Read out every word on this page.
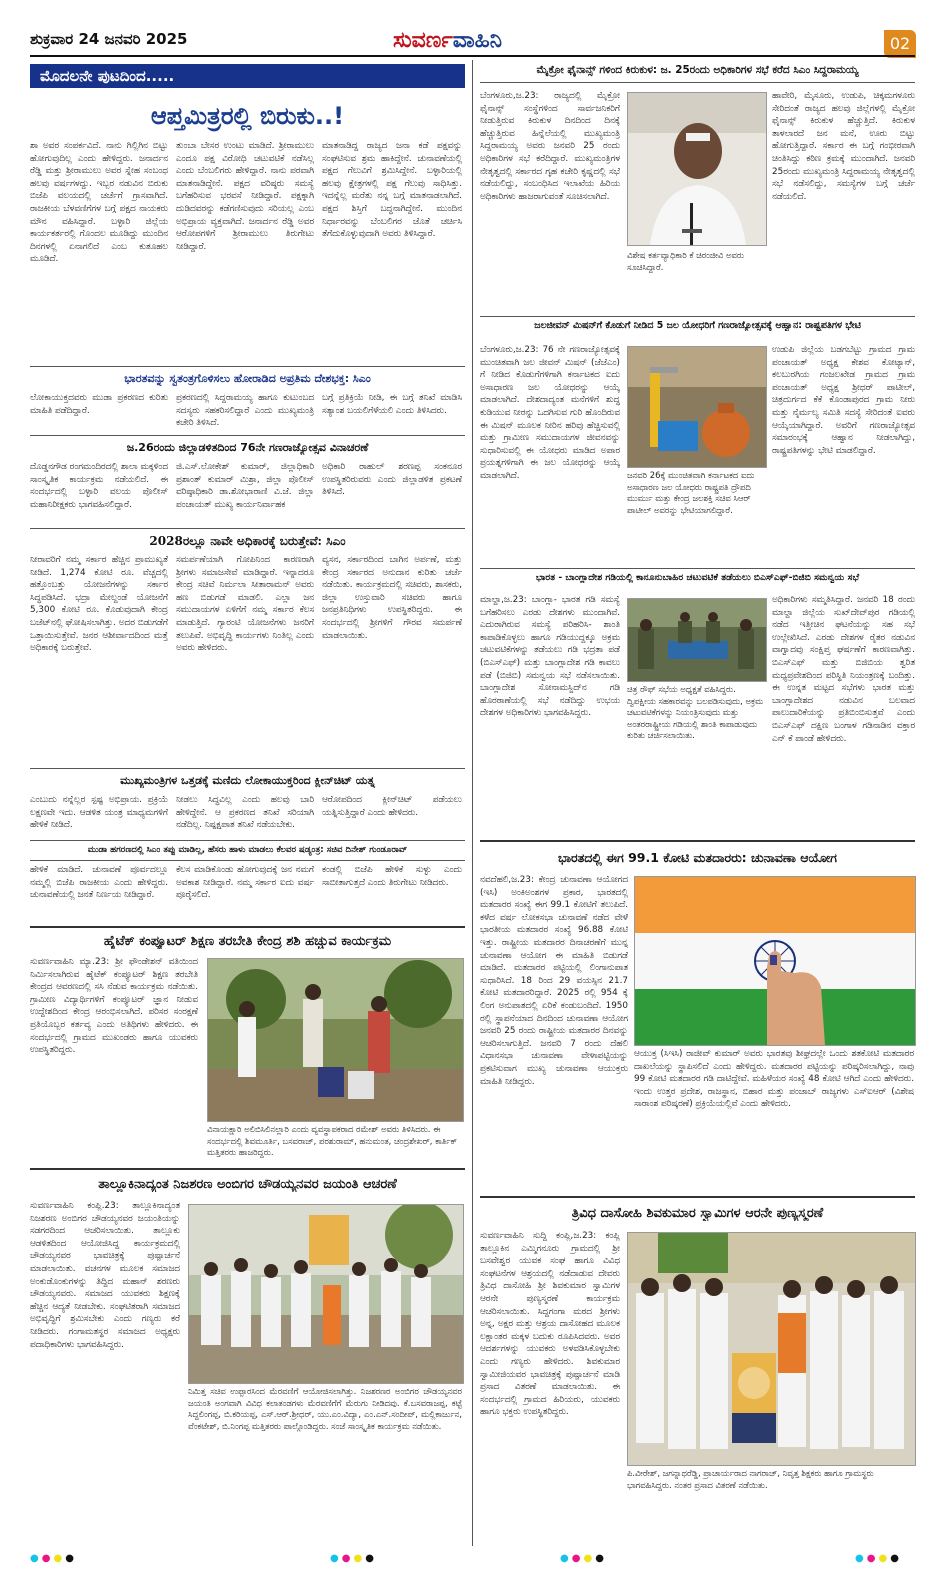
ಶುಕ್ರವಾರ 24 ಜನವರಿ 2025	ಸುವರ್ಣವಾಹಿನಿ	02
ಮೊದಲನೇ ಪುಟದಿಂದ.....
ಆಪ್ತಮಿತ್ರರಲ್ಲಿ ಬಿರುಕು..!
ಶಾ ಅವರ ಸಂಪರ್ಕವಿದೆ. ನಾನು ಗಿಲ್ಲಿಗಿನ ಬಿಟ್ಟು ಹೋಗುವುದಿಲ್ಲ ಎಂದು ಹೇಳಿದ್ದರು. ಜನಾರ್ದನ ರೆಡ್ಡಿ ಮತ್ತು ಶ್ರೀರಾಮುಲು ಅವರ ಸ್ನೇಹ ಸಂಬಂಧ ಹಲವು ವರ್ಷಗಳದ್ದು. ಇಬ್ಬರ ನಡುವಿನ ಬಿರುಕು ಬಿಜೆಪಿ ವಲಯದಲ್ಲಿ ಚರ್ಚೆಗೆ ಗ್ರಾಸವಾಗಿದೆ. ರಾಜಕೀಯ ಬೆಳವಣಿಗೆಗಳ ಬಗ್ಗೆ ಪಕ್ಷದ ನಾಯಕರು ಮೌನ ವಹಿಸಿದ್ದಾರೆ. ಬಳ್ಳಾರಿ ಜಿಲ್ಲೆಯ ಕಾರ್ಯಕರ್ತರಲ್ಲಿ ಗೊಂದಲ ಮೂಡಿದ್ದು ಮುಂದಿನ ದಿನಗಳಲ್ಲಿ ಏನಾಗಲಿದೆ ಎಂಬ ಕುತೂಹಲ ಮೂಡಿದೆ.
ತುಂಬಾ ಬೇಸರ ಉಂಟು ಮಾಡಿದೆ. ಶ್ರೀರಾಮುಲು ಎಂದೂ ಪಕ್ಷ ವಿರೋಧಿ ಚಟುವಟಿಕೆ ನಡೆಸಿಲ್ಲ ಎಂದು ಬೆಂಬಲಿಗರು ಹೇಳಿದ್ದಾರೆ. ನಾನು ಪರವಾಗಿ ಮಾತನಾಡಿದ್ದೇನೆ. ಪಕ್ಷದ ವರಿಷ್ಠರು ಸಮಸ್ಯೆ ಬಗೆಹರಿಸುವ ಭರವಸೆ ನೀಡಿದ್ದಾರೆ. ಪಕ್ಷಕ್ಕಾಗಿ ದುಡಿದವರನ್ನು ಕಡೆಗಣಿಸುವುದು ಸರಿಯಲ್ಲ ಎಂಬ ಅಭಿಪ್ರಾಯ ವ್ಯಕ್ತವಾಗಿದೆ. ಜನಾರ್ದನ ರೆಡ್ಡಿ ಅವರ ಆರೋಪಗಳಿಗೆ ಶ್ರೀರಾಮುಲು ತಿರುಗೇಟು ನೀಡಿದ್ದಾರೆ.
ಮಾತನಾಡಿದ್ದ ರಾಜ್ಯದ ಜನಾ ಕಡೆ ಪಕ್ಷವನ್ನು ಸಂಘಟಿಸುವ ಶ್ರಮ ಹಾಕಿದ್ದೇನೆ. ಚುನಾವಣೆಯಲ್ಲಿ ಪಕ್ಷದ ಗೆಲುವಿಗೆ ಶ್ರಮಿಸಿದ್ದೇನೆ. ಬಳ್ಳಾರಿಯಲ್ಲಿ ಹಲವು ಕ್ಷೇತ್ರಗಳಲ್ಲಿ ಪಕ್ಷ ಗೆಲುವು ಸಾಧಿಸಿತ್ತು. ಇದನ್ನೆಲ್ಲ ಮರೆತು ನನ್ನ ಬಗ್ಗೆ ಮಾತನಾಡಲಾಗಿದೆ. ಪಕ್ಷದ ಶಿಸ್ತಿಗೆ ಬದ್ಧನಾಗಿದ್ದೇನೆ. ಮುಂದಿನ ನಿರ್ಧಾರವನ್ನು ಬೆಂಬಲಿಗರ ಜೊತೆ ಚರ್ಚಿಸಿ ತೆಗೆದುಕೊಳ್ಳುವುದಾಗಿ ಅವರು ತಿಳಿಸಿದ್ದಾರೆ.
ಭಾರತವನ್ನು ಸ್ವತಂತ್ರಗೊಳಿಸಲು ಹೋರಾಡಿದ ಅಪ್ರತಿಮ ದೇಶಭಕ್ತ: ಸಿಎಂ
ಲೋಕಾಯುಕ್ತದವರು ಮುಡಾ ಪ್ರಕರಣದ ಕುರಿತು ಮಾಹಿತಿ ಪಡೆದಿದ್ದಾರೆ.
ಪ್ರಕರಣದಲ್ಲಿ ಸಿದ್ದರಾಮಯ್ಯ ಹಾಗೂ ಕುಟುಂಬದ ಸದಸ್ಯರು ಸಹಕರಿಸಲಿದ್ದಾರೆ ಎಂದು ಮುಖ್ಯಮಂತ್ರಿ ಕಚೇರಿ ತಿಳಿಸಿದೆ.
ಬಗ್ಗೆ ಪ್ರತಿಕ್ರಿಯೆ ನೀಡಿ, ಈ ಬಗ್ಗೆ ತನಿಖೆ ಮಾಡಿಸಿ ಸತ್ಯಾಂಶ ಬಯಲಿಗೆಳೆಯಲಿ ಎಂದು ತಿಳಿಸಿದರು.
ಜ.26ರಂದು ಜಿಲ್ಲಾಡಳಿತದಿಂದ 76ನೇ ಗಣರಾಜ್ಯೋತ್ಸವ ವಿನಾಚರಣೆ
ದೊಡ್ಡನಗೌಡ ರಂಗಮಂದಿರದಲ್ಲಿ ಶಾಲಾ ಮಕ್ಕಳಿಂದ ಸಾಂಸ್ಕೃತಿಕ ಕಾರ್ಯಕ್ರಮ ನಡೆಯಲಿದೆ. ಈ ಸಂದರ್ಭದಲ್ಲಿ ಬಳ್ಳಾರಿ ವಲಯ ಪೊಲೀಸ್ ಮಹಾನಿರೀಕ್ಷಕರು ಭಾಗವಹಿಸಲಿದ್ದಾರೆ.
ಜಿ.ಎಸ್.ಲೋಕೇಶ್ ಕುಮಾರ್, ಜಿಲ್ಲಾಧಿಕಾರಿ ಪ್ರಶಾಂತ್ ಕುಮಾರ್ ಮಿಶ್ರಾ, ಜಿಲ್ಲಾ ಪೊಲೀಸ್ ವರಿಷ್ಠಾಧಿಕಾರಿ ಡಾ.ಶೋಭಾರಾಣಿ ವಿ.ಜೆ. ಜಿಲ್ಲಾ ಪಂಚಾಯತ್ ಮುಖ್ಯ ಕಾರ್ಯನಿರ್ವಾಹಕ
ಅಧಿಕಾರಿ ರಾಹುಲ್ ಶರಣಪ್ಪ ಸಂಕನೂರ ಉಪಸ್ಥಿತರಿರುವರು ಎಂದು ಜಿಲ್ಲಾಡಳಿತ ಪ್ರಕಟಣೆ ತಿಳಿಸಿದೆ.
2028ರಲ್ಲೂ ನಾವೇ ಅಧಿಕಾರಕ್ಕೆ ಬರುತ್ತೇವೆ: ಸಿಎಂ
ನೀರಾವರಿಗೆ ನಮ್ಮ ಸರ್ಕಾರ ಹೆಚ್ಚಿನ ಪ್ರಾಮುಖ್ಯತೆ ನೀಡಿದೆ. 1,274 ಕೋಟಿ ರೂ. ವೆಚ್ಚದಲ್ಲಿ ಹತ್ತೊಂಬತ್ತು ಯೋಜನೆಗಳನ್ನು ಸರ್ಕಾರ ಸಿದ್ಧಪಡಿಸಿದೆ. ಭದ್ರಾ ಮೇಲ್ದಂಡೆ ಯೋಜನೆಗೆ 5,300 ಕೋಟಿ ರೂ. ಕೊಡುವುದಾಗಿ ಕೇಂದ್ರ ಬಜೆಟ್‌ನಲ್ಲಿ ಘೋಷಿಸಲಾಗಿತ್ತು. ಅದರ ಬಿಡುಗಡೆಗೆ ಒತ್ತಾಯಿಸುತ್ತೇವೆ. ಜನರ ಆಶೀರ್ವಾದದಿಂದ ಮತ್ತೆ ಅಧಿಕಾರಕ್ಕೆ ಬರುತ್ತೇವೆ.
ಸಮರ್ಪಣೆಯಾಗಿ ಗೋಪಿನಿಂದ ಕಾರಣರಾಗಿ ಶ್ರೀಗಳು ಸಮಾಜಸೇವೆ ಮಾಡಿದ್ದಾರೆ. ಇನ್ನಾದರೂ ಕೇಂದ್ರ ಸಚಿವೆ ನಿರ್ಮಲಾ ಸೀತಾರಾಮನ್ ಅವರು ಹಣ ಬಿಡುಗಡೆ ಮಾಡಲಿ. ಎಲ್ಲಾ ಜನ ಸಮುದಾಯಗಳ ಏಳಿಗೆಗೆ ನಮ್ಮ ಸರ್ಕಾರ ಕೆಲಸ ಮಾಡುತ್ತಿದೆ. ಗ್ಯಾರಂಟಿ ಯೋಜನೆಗಳು ಜನರಿಗೆ ತಲುಪಿವೆ. ಅಭಿವೃದ್ಧಿ ಕಾರ್ಯಗಳು ನಿಂತಿಲ್ಲ ಎಂದು ಅವರು ಹೇಳಿದರು.
ವ್ಯಸನ, ಸರ್ಕಾರದಿಂದ ಬಾಗಿನ ಅರ್ಪಣೆ, ಮತ್ತು ಕೇಂದ್ರ ಸರ್ಕಾರದ ಅನುದಾನ ಕುರಿತು ಚರ್ಚೆ ನಡೆಯಿತು. ಕಾರ್ಯಕ್ರಮದಲ್ಲಿ ಸಚಿವರು, ಶಾಸಕರು, ಜಿಲ್ಲಾ ಉಸ್ತುವಾರಿ ಸಚಿವರು ಹಾಗೂ ಜನಪ್ರತಿನಿಧಿಗಳು ಉಪಸ್ಥಿತರಿದ್ದರು. ಈ ಸಂದರ್ಭದಲ್ಲಿ ಶ್ರೀಗಳಿಗೆ ಗೌರವ ಸಮರ್ಪಣೆ ಮಾಡಲಾಯಿತು.
ಮುಖ್ಯಮಂತ್ರಿಗಳ ಒತ್ತಡಕ್ಕೆ ಮಣಿದು ಲೋಕಾಯುಕ್ತರಿಂದ ಕ್ಲೀನ್‌ಚಿಟ್ ಯತ್ನ
ಎಂಬುದು ನನ್ನೆಲ್ಲರ ಸ್ಪಷ್ಟ ಅಭಿಪ್ರಾಯ. ಪ್ರಕ್ರಿಯೆ ಲಕ್ಷಣವೇ ಇದು. ಆಡಳಿತ ಯಂತ್ರ ಮಾಧ್ಯಮಗಳಿಗೆ ಹೇಳಿಕೆ ನೀಡಿದೆ.
ನೀಡಲು ಸಿದ್ಧವಿಲ್ಲ ಎಂದು ಹಲವು ಬಾರಿ ಹೇಳಿದ್ದೇನೆ. ಆ ಪ್ರಕರಣದ ತನಿಖೆ ಸರಿಯಾಗಿ ನಡೆದಿಲ್ಲ. ನಿಷ್ಪಕ್ಷಪಾತ ತನಿಖೆ ನಡೆಯಬೇಕು.
ಆರೋಪದಿಂದ ಕ್ಲೀನ್‌ಚಿಟ್ ಪಡೆಯಲು ಯತ್ನಿಸುತ್ತಿದ್ದಾರೆ ಎಂದು ಹೇಳಿದರು.
ಮುಡಾ ಹಗರಣದಲ್ಲಿ ಸಿಎಂ ತಪ್ಪು ಮಾಡಿಲ್ಲ, ಹೆಸರು ಹಾಳು ಮಾಡಲು ಕೆಲವರ ಷಡ್ಯಂತ್ರ: ಸಚಿವ ದಿನೇಶ್ ಗುಂಡೂರಾವ್
ಹೇಳಿಕೆ ಮಾಡಿದೆ. ಚುನಾವಣೆ ಪೂರ್ವದಲ್ಲೂ ನಮ್ಮಲ್ಲಿ ಬಿಜೆಪಿ ರಾಜಕೀಯ ಎಂದು ಹೇಳಿದ್ದರು. ಚುನಾವಣೆಯಲ್ಲಿ ಜನತೆ ನಿರ್ಣಯ ನೀಡಿದ್ದಾರೆ.
ಕೆಲಸ ಮಾಡಿಕೊಂಡು ಹೋಗುವುದಕ್ಕೆ ಜನ ನಮಗೆ ಅವಕಾಶ ನೀಡಿದ್ದಾರೆ. ನಮ್ಮ ಸರ್ಕಾರ ಐದು ವರ್ಷ ಪೂರೈಸಲಿದೆ.
ಕಂಡಲ್ಲಿ ಬಿಜೆಪಿ ಹೇಳಿಕೆ ಸುಳ್ಳು ಎಂದು ಸಾಬೀತಾಗುತ್ತದೆ ಎಂದು ತಿರುಗೇಟು ನೀಡಿದರು.
ಹೈಟೆಕ್ ಕಂಪ್ಯೂಟರ್ ಶಿಕ್ಷಣ ತರಬೇತಿ ಕೇಂದ್ರ ಶಶಿ ಹಚ್ಚುವ ಕಾರ್ಯಕ್ರಮ
ಸುವರ್ಣವಾಹಿನಿ ಮ್ಯಾ.23: ಶ್ರೀ ಫೌಂಡೇಶನ್ ವತಿಯಿಂದ ನಿರ್ಮಿಸಲಾಗಿರುವ ಹೈಟೆಕ್ ಕಂಪ್ಯೂಟರ್ ಶಿಕ್ಷಣ ತರಬೇತಿ ಕೇಂದ್ರದ ಆವರಣದಲ್ಲಿ ಸಸಿ ನೆಡುವ ಕಾರ್ಯಕ್ರಮ ನಡೆಯಿತು. ಗ್ರಾಮೀಣ ವಿದ್ಯಾರ್ಥಿಗಳಿಗೆ ಕಂಪ್ಯೂಟರ್ ಜ್ಞಾನ ನೀಡುವ ಉದ್ದೇಶದಿಂದ ಕೇಂದ್ರ ಆರಂಭಿಸಲಾಗಿದೆ. ಪರಿಸರ ಸಂರಕ್ಷಣೆ ಪ್ರತಿಯೊಬ್ಬರ ಕರ್ತವ್ಯ ಎಂದು ಅತಿಥಿಗಳು ಹೇಳಿದರು. ಈ ಸಂದರ್ಭದಲ್ಲಿ ಗ್ರಾಮದ ಮುಖಂಡರು ಹಾಗೂ ಯುವಕರು ಉಪಸ್ಥಿತರಿದ್ದರು.
ವಿನಾಯಕ್ಷಾರಿ ಅಲಿಬಿಸಿಲಿನಲ್ಲಾರಿ ಎಂದು ವ್ಯವಸ್ಥಾಪಕರಾದ ರಮೇಶ್ ಅವರು ತಿಳಿಸಿದರು. ಈ ಸಂದರ್ಭದಲ್ಲಿ ಶಿವಮೂರ್ತಿ, ಬಸವರಾಜ್, ಪರಶುರಾಮ್, ಹನುಮಂತ, ಚಂದ್ರಶೇಖರ್, ಕಾರ್ತಿಕ್ ಮತ್ತಿತರರು ಹಾಜರಿದ್ದರು.
ತಾಲ್ಲೂಕಿನಾದ್ಯಂತ ನಿಜಶರಣ ಅಂಬಿಗರ ಚೌಡಯ್ಯನವರ ಜಯಂತಿ ಆಚರಣೆ
ಸುವರ್ಣವಾಹಿನಿ ಕಂಪ್ಲಿ.23: ತಾಲ್ಲೂಕಿನಾದ್ಯಂತ ನಿಜಶರಣ ಅಂಬಿಗರ ಚೌಡಯ್ಯನವರ ಜಯಂತಿಯನ್ನು ಸಡಗರದಿಂದ ಆಚರಿಸಲಾಯಿತು. ತಾಲ್ಲೂಕು ಆಡಳಿತದಿಂದ ಆಯೋಜಿಸಿದ್ದ ಕಾರ್ಯಕ್ರಮದಲ್ಲಿ ಚೌಡಯ್ಯನವರ ಭಾವಚಿತ್ರಕ್ಕೆ ಪುಷ್ಪಾರ್ಚನೆ ಮಾಡಲಾಯಿತು. ವಚನಗಳ ಮೂಲಕ ಸಮಾಜದ ಅಂಕುಡೊಂಕುಗಳನ್ನು ತಿದ್ದಿದ ಮಹಾನ್ ಶರಣರು ಚೌಡಯ್ಯನವರು. ಸಮಾಜದ ಯುವಕರು ಶಿಕ್ಷಣಕ್ಕೆ ಹೆಚ್ಚಿನ ಆದ್ಯತೆ ನೀಡಬೇಕು. ಸಂಘಟಿತರಾಗಿ ಸಮಾಜದ ಅಭಿವೃದ್ಧಿಗೆ ಶ್ರಮಿಸಬೇಕು ಎಂದು ಗಣ್ಯರು ಕರೆ ನೀಡಿದರು. ಗಂಗಾಮತಸ್ಥರ ಸಮಾಜದ ಅಧ್ಯಕ್ಷರು ಪದಾಧಿಕಾರಿಗಳು ಭಾಗವಹಿಸಿದ್ದರು.
ನಿಮಿತ್ತ ಸಚಿವ ಉಪ್ಪಾರಸಿಂದ ಮೆರವಣಿಗೆ ಆಯೋಜಿಸಲಾಗಿತ್ತು. ನಿಜಶರಣರ ಅಂಬಿಗರ ಚೌಡಯ್ಯನವರ ಜಯಂತಿ ಅಂಗವಾಗಿ ವಿವಿಧ ಕಲಾತಂಡಗಳು ಮೆರವಣಿಗೆಗೆ ಮೆರುಗು ನೀಡಿದವು. ಕೆ.ಬಸವರಾಜಪ್ಪ, ಕಟ್ಟೆ ಸಿದ್ದಲಿಂಗಪ್ಪ, ಬಿ.ಕರಿಯಪ್ಪ, ಎಸ್.ಆರ್.ಶ್ರೀಧರ್, ಯು.ಎಂ.ವಿದ್ಯಾ, ಎಂ.ಎನ್.ಸಂದೀಪ್, ಮಲ್ಲಿಕಾರ್ಜುನ, ವೆಂಕಟೇಶ್, ಬಿ.ನಿಂಗಪ್ಪ ಮತ್ತಿತರರು ಪಾಲ್ಗೊಂಡಿದ್ದರು. ಸಂಜೆ ಸಾಂಸ್ಕೃತಿಕ ಕಾರ್ಯಕ್ರಮ ನಡೆಯಿತು.
ಮೈಕ್ರೋ ಫೈನಾನ್ಸ್ ಗಳಿಂದ ಕಿರುಕುಳ: ಜ. 25ರಂದು ಅಧಿಕಾರಿಗಳ ಸಭೆ ಕರೆದ ಸಿಎಂ ಸಿದ್ದರಾಮಯ್ಯ
ಬೆಂಗಳೂರು,ಜ.23: ರಾಜ್ಯದಲ್ಲಿ ಮೈಕ್ರೋ ಫೈನಾನ್ಸ್ ಸಂಸ್ಥೆಗಳಿಂದ ಸಾರ್ವಜನಿಕರಿಗೆ ನೀಡುತ್ತಿರುವ ಕಿರುಕುಳ ದಿನದಿಂದ ದಿನಕ್ಕೆ ಹೆಚ್ಚುತ್ತಿರುವ ಹಿನ್ನೆಲೆಯಲ್ಲಿ ಮುಖ್ಯಮಂತ್ರಿ ಸಿದ್ದರಾಮಯ್ಯ ಅವರು ಜನವರಿ 25 ರಂದು ಅಧಿಕಾರಿಗಳ ಸಭೆ ಕರೆದಿದ್ದಾರೆ. ಮುಖ್ಯಮಂತ್ರಿಗಳ ನೇತೃತ್ವದಲ್ಲಿ ಸರ್ಕಾರದ ಗೃಹ ಕಚೇರಿ ಕೃಷ್ಣದಲ್ಲಿ ಸಭೆ ನಡೆಯಲಿದ್ದು, ಸಂಬಂಧಿಸಿದ ಇಲಾಖೆಯ ಹಿರಿಯ ಅಧಿಕಾರಿಗಳು ಹಾಜರಾಗುವಂತೆ ಸೂಚಿಸಲಾಗಿದೆ.
ವಿಶೇಷ ಕರ್ತವ್ಯಾಧಿಕಾರಿ ಕೆ ಚಿರಂಜೀವಿ ಅವರು ಸೂಚಿಸಿದ್ದಾರೆ.
ಹಾವೇರಿ, ಮೈಸೂರು, ಉಡುಪಿ, ಚಿಕ್ಕಮಗಳೂರು ಸೇರಿದಂತೆ ರಾಜ್ಯದ ಹಲವು ಜಿಲ್ಲೆಗಳಲ್ಲಿ ಮೈಕ್ರೋ ಫೈನಾನ್ಸ್ ಕಿರುಕುಳ ಹೆಚ್ಚುತ್ತಿದೆ. ಕಿರುಕುಳ ತಾಳಲಾರದೆ ಜನ ಮನೆ, ಊರು ಬಿಟ್ಟು ಹೋಗುತ್ತಿದ್ದಾರೆ. ಸರ್ಕಾರ ಈ ಬಗ್ಗೆ ಗಂಭೀರವಾಗಿ ಚಿಂತಿಸಿದ್ದು ಕಠಿಣ ಕ್ರಮಕ್ಕೆ ಮುಂದಾಗಿದೆ. ಜನವರಿ 25ರಂದು ಮುಖ್ಯಮಂತ್ರಿ ಸಿದ್ದರಾಮಯ್ಯ ನೇತೃತ್ವದಲ್ಲಿ ಸಭೆ ನಡೆಸಲಿದ್ದು, ಸಮಸ್ಯೆಗಳ ಬಗ್ಗೆ ಚರ್ಚೆ ನಡೆಯಲಿದೆ.
ಜಲಜೀವನ್ ಮಿಷನ್‌ಗೆ ಕೊಡುಗೆ ನೀಡಿದ 5 ಜಲ ಯೋಧರಿಗೆ ಗಣರಾಜ್ಯೋತ್ಸವಕ್ಕೆ ಆಹ್ವಾನ: ರಾಷ್ಟ್ರಪತಿಗಳ ಭೇಟಿ
ಬೆಂಗಳೂರು,ಜ.23: 76 ನೇ ಗಣರಾಜ್ಯೋತ್ಸವಕ್ಕೆ ಮುಂಚಿತವಾಗಿ ಜಲ ಜೀವನ್ ಮಿಷನ್ (ಜೆಜೆಎಂ) ಗೆ ನೀಡಿದ ಕೊಡುಗೆಗಳಿಗಾಗಿ ಕರ್ನಾಟಕದ ಐದು ಅಸಾಧಾರಣ ಜಲ ಯೋಧರನ್ನು ಆಯ್ಕೆ ಮಾಡಲಾಗಿದೆ. ದೇಶದಾದ್ಯಂತ ಮನೆಗಳಿಗೆ ಶುದ್ಧ ಕುಡಿಯುವ ನೀರನ್ನು ಒದಗಿಸುವ ಗುರಿ ಹೊಂದಿರುವ ಈ ಮಿಷನ್ ಮೂಲಕ ನೀರಿನ ಹರಿವು ಹೆಚ್ಚಿಸುವಲ್ಲಿ ಮತ್ತು ಗ್ರಾಮೀಣ ಸಮುದಾಯಗಳ ಜೀವನವನ್ನು ಸುಧಾರಿಸುವಲ್ಲಿ ಈ ಯೋಧರು ಮಾಡಿದ ಅಪಾರ ಪ್ರಯತ್ನಗಳಿಗಾಗಿ ಈ ಜಲ ಯೋಧರನ್ನು ಆಯ್ಕೆ ಮಾಡಲಾಗಿದೆ.	ಜನವರಿ 26ಕ್ಕೆ ಮುಂಚಿತವಾಗಿ ಕರ್ನಾಟಕದ ಐದು ಅಸಾಧಾರಣ ಜಲ ಯೋಧರು ರಾಷ್ಟ್ರಪತಿ ದ್ರೌಪದಿ ಮುರ್ಮು ಮತ್ತು ಕೇಂದ್ರ ಜಲಶಕ್ತಿ ಸಚಿವ ಸಿಆರ್ ಪಾಟೀಲ್ ಅವರನ್ನು ಭೇಟಿಯಾಗಲಿದ್ದಾರೆ.
ಉಡುಪಿ ಜಿಲ್ಲೆಯ ಬಡಗಬೆಟ್ಟು ಗ್ರಾಮದ ಗ್ರಾಮ ಪಂಚಾಯತ್ ಅಧ್ಯಕ್ಷ ಕೇಶವ ಕೋಟ್ಯಾನ್, ಕಲಬುರಗಿಯ ಗಂಜಲಖೇಡ ಗ್ರಾಮದ ಗ್ರಾಮ ಪಂಚಾಯತ್ ಅಧ್ಯಕ್ಷ ಶ್ರೀಧರ್ ಪಾಟೀಲ್, ಚಿತ್ರದುರ್ಗದ ಕೆಕೆ ಕೊಂಡಾಪುರದ ಗ್ರಾಮ ನೀರು ಮತ್ತು ನೈರ್ಮಲ್ಯ ಸಮಿತಿ ಸದಸ್ಯೆ ಸೇರಿದಂತೆ ಐವರು ಆಯ್ಕೆಯಾಗಿದ್ದಾರೆ. ಅವರಿಗೆ ಗಣರಾಜ್ಯೋತ್ಸವ ಸಮಾರಂಭಕ್ಕೆ ಆಹ್ವಾನ ನೀಡಲಾಗಿದ್ದು, ರಾಷ್ಟ್ರಪತಿಗಳನ್ನು ಭೇಟಿ ಮಾಡಲಿದ್ದಾರೆ.
ಭಾರತ - ಬಾಂಗ್ಲಾದೇಶ ಗಡಿಯಲ್ಲಿ ಕಾನೂನುಬಾಹಿರ ಚಟುವಟಿಕೆ ತಡೆಯಲು ಬಿಎಸ್‌ಎಫ್-ಬಿಜಿಬಿ ಸಮನ್ವಯ ಸಭೆ
ಮಾಲ್ದಾ,ಜ.23: ಬಾಂಗ್ಲಾ- ಭಾರತ ಗಡಿ ಸಮಸ್ಯೆ ಬಗೆಹರಿಸಲು ಎರಡು ದೇಶಗಳು ಮುಂದಾಗಿವೆ. ಎದುರಾಗಿರುವ ಸಮಸ್ಯೆ ಪರಿಹರಿಸಿ- ಶಾಂತಿ ಕಾಪಾಡಿಕೊಳ್ಳಲು ಹಾಗೂ ಗಡಿಯುದ್ದಕ್ಕೂ ಅಕ್ರಮ ಚಟುವಟಿಕೆಗಳನ್ನು ತಡೆಯಲು ಗಡಿ ಭದ್ರತಾ ಪಡೆ (ಬಿಎಸ್‌ಎಫ್) ಮತ್ತು ಬಾಂಗ್ಲಾದೇಶ ಗಡಿ ಕಾವಲು ಪಡೆ (ಬಿಜಿಬಿ) ಸಮನ್ವಯ ಸಭೆ ನಡೆಸಲಾಯಿತು. ಬಾಂಗ್ಲಾದೇಶ ಸೋನಾಮಸ್ಜಿದ್‌ನ ಗಡಿ ಹೊರಠಾಣೆಯಲ್ಲಿ ಸಭೆ ನಡೆದಿದ್ದು ಉಭಯ ದೇಶಗಳ ಅಧಿಕಾರಿಗಳು ಭಾಗವಹಿಸಿದ್ದರು.
ಚಿತ್ರ ರೌಫ್ ಸಭೆಯ ಅಧ್ಯಕ್ಷತೆ ವಹಿಸಿದ್ದರು. ದ್ವಿಪಕ್ಷೀಯ ಸಹಕಾರವನ್ನು ಬಲಪಡಿಸುವುದು, ಅಕ್ರಮ ಚಟುವಟಿಕೆಗಳನ್ನು ನಿಯಂತ್ರಿಸುವುದು ಮತ್ತು ಅಂತರರಾಷ್ಟ್ರೀಯ ಗಡಿಯಲ್ಲಿ ಶಾಂತಿ ಕಾಪಾಡುವುದು ಕುರಿತು ಚರ್ಚಿಸಲಾಯಿತು.
ಅಧಿಕಾರಿಗಳು ಸಮ್ಮತಿಸಿದ್ದಾರೆ. ಜನವರಿ 18 ರಂದು ಮಾಲ್ದಾ ಜಿಲ್ಲೆಯ ಸುಖ್‌ದೇವ್‌ಪುರ ಗಡಿಯಲ್ಲಿ ನಡೆದ ಇತ್ತೀಚಿನ ಘಟನೆಯನ್ನು ಸಹ ಸಭೆ ಉಲ್ಲೇಖಿಸಿದೆ. ಎರಡು ದೇಶಗಳ ರೈತರ ನಡುವಿನ ವಾಗ್ವಾದವು ಸಂಕ್ಷಿಪ್ತ ಘರ್ಷಣೆಗೆ ಕಾರಣವಾಗಿತ್ತು. ಬಿಎಸ್‌ಎಫ್ ಮತ್ತು ಬಿಜಿಬಿಯ ತ್ವರಿತ ಮಧ್ಯಪ್ರವೇಶದಿಂದ ಪರಿಸ್ಥಿತಿ ನಿಯಂತ್ರಣಕ್ಕೆ ಬಂದಿತ್ತು. ಈ ಉನ್ನತ ಮಟ್ಟದ ಸಭೆಗಳು ಭಾರತ ಮತ್ತು ಬಾಂಗ್ಲಾದೇಶದ ನಡುವಿನ ಬಲವಾದ ಪಾಲುದಾರಿಕೆಯನ್ನು ಪ್ರತಿಬಿಂಬಿಸುತ್ತವೆ ಎಂದು ಬಿಎಸ್‌ಎಫ್ ದಕ್ಷಿಣ ಬಂಗಾಳ ಗಡಿನಾಡಿನ ವಕ್ತಾರ ಎನ್ ಕೆ ಪಾಂಡೆ ಹೇಳಿದರು.
ಭಾರತದಲ್ಲಿ ಈಗ 99.1 ಕೋಟಿ ಮತದಾರರು: ಚುನಾವಣಾ ಆಯೋಗ
ನವದೆಹಲಿ,ಜ.23: ಕೇಂದ್ರ ಚುನಾವಣಾ ಆಯೋಗದ (ಇಸಿ) ಅಂಕಿಅಂಶಗಳ ಪ್ರಕಾರ, ಭಾರತದಲ್ಲಿ ಮತದಾರರ ಸಂಖ್ಯೆ ಈಗ 99.1 ಕೋಟಿಗೆ ತಲುಪಿದೆ. ಕಳೆದ ವರ್ಷ ಲೋಕಸಭಾ ಚುನಾವಣೆ ನಡೆದ ವೇಳೆ ಭಾರತೀಯ ಮತದಾರರ ಸಂಖ್ಯೆ 96.88 ಕೋಟಿ ಇತ್ತು. ರಾಷ್ಟ್ರೀಯ ಮತದಾರರ ದಿನಾಚರಣೆಗೆ ಮುನ್ನ ಚುನಾವಣಾ ಆಯೋಗ ಈ ಮಾಹಿತಿ ಬಿಡುಗಡೆ ಮಾಡಿದೆ. ಮತದಾರರ ಪಟ್ಟಿಯಲ್ಲಿ ಲಿಂಗಾನುಪಾತ ಸುಧಾರಿಸಿದೆ. 18 ರಿಂದ 29 ವಯಸ್ಸಿನ 21.7 ಕೋಟಿ ಮತದಾರರಿದ್ದಾರೆ. 2025 ರಲ್ಲಿ 954 ಕ್ಕೆ ಲಿಂಗ ಅನುಪಾತದಲ್ಲಿ ಏರಿಕೆ ಕಂಡುಬಂದಿದೆ. 1950 ರಲ್ಲಿ ಸ್ಥಾಪನೆಯಾದ ದಿನದಿಂದ ಚುನಾವಣಾ ಆಯೋಗ ಜನವರಿ 25 ರಂದು ರಾಷ್ಟ್ರೀಯ ಮತದಾರರ ದಿನವನ್ನು ಆಚರಿಸಲಾಗುತ್ತಿದೆ. ಜನವರಿ 7 ರಂದು ದೆಹಲಿ ವಿಧಾನಸಭಾ ಚುನಾವಣಾ ವೇಳಾಪಟ್ಟಿಯನ್ನು ಪ್ರಕಟಿಸುವಾಗ ಮುಖ್ಯ ಚುನಾವಣಾ ಆಯುಕ್ತರು ಮಾಹಿತಿ ನೀಡಿದ್ದರು.
ಆಯುಕ್ತ (ಸಿಇಸಿ) ರಾಜೀವ್ ಕುಮಾರ್ ಅವರು ಭಾರತವು ಶೀಘ್ರದಲ್ಲೇ ಒಂದು ಶತಕೋಟಿ ಮತದಾರರ ದಾಖಲೆಯನ್ನು ಸ್ಥಾಪಿಸಲಿದೆ ಎಂದು ಹೇಳಿದ್ದರು. ಮತದಾರರ ಪಟ್ಟಿಯನ್ನು ಪರಿಷ್ಕರಿಸಲಾಗಿದ್ದು, ನಾವು 99 ಕೋಟಿ ಮತದಾರರ ಗಡಿ ದಾಟಿದ್ದೇವೆ. ಮಹಿಳೆಯರ ಸಂಖ್ಯೆ 48 ಕೋಟಿ ಆಗಿದೆ ಎಂದು ಹೇಳಿದರು. ಇಂದು ಉತ್ತರ ಪ್ರದೇಶ, ರಾಜಸ್ಥಾನ, ಬಿಹಾರ ಮತ್ತು ಪಂಜಾಬ್ ರಾಜ್ಯಗಳು ಎಸ್‌ಐಆರ್ (ವಿಶೇಷ ಸಾರಾಂಶ ಪರಿಷ್ಕರಣೆ) ಪ್ರಕ್ರಿಯೆಯಲ್ಲಿವೆ ಎಂದು ಹೇಳಿದರು.
ತ್ರಿವಿಧ ದಾಸೋಹಿ ಶಿವಕುಮಾರ ಸ್ವಾಮಿಗಳ ಆರನೇ ಪುಣ್ಯಸ್ಮರಣೆ
ಸುವರ್ಣವಾಹಿನಿ ಸುದ್ದಿ ಕಂಪ್ಲಿ,ಜ.23: ಕಂಪ್ಲಿ ತಾಲ್ಲೂಕಿನ ಎಮ್ಮಿಗನೂರು ಗ್ರಾಮದಲ್ಲಿ ಶ್ರೀ ಬಸವೇಶ್ವರ ಯುವಕ ಸಂಘ ಹಾಗೂ ವಿವಿಧ ಸಂಘಟನೆಗಳ ಆಶ್ರಯದಲ್ಲಿ ನಡೆದಾಡುವ ದೇವರು ತ್ರಿವಿಧ ದಾಸೋಹಿ ಶ್ರೀ ಶಿವಕುಮಾರ ಸ್ವಾಮಿಗಳ ಆರನೇ ಪುಣ್ಯಸ್ಮರಣೆ ಕಾರ್ಯಕ್ರಮ ಆಚರಿಸಲಾಯಿತು. ಸಿದ್ದಗಂಗಾ ಮಠದ ಶ್ರೀಗಳು ಅನ್ನ, ಅಕ್ಷರ ಮತ್ತು ಆಶ್ರಯ ದಾಸೋಹದ ಮೂಲಕ ಲಕ್ಷಾಂತರ ಮಕ್ಕಳ ಬದುಕು ರೂಪಿಸಿದವರು. ಅವರ ಆದರ್ಶಗಳನ್ನು ಯುವಕರು ಅಳವಡಿಸಿಕೊಳ್ಳಬೇಕು ಎಂದು ಗಣ್ಯರು ಹೇಳಿದರು. ಶಿವಕುಮಾರ ಸ್ವಾಮೀಜಿಯವರ ಭಾವಚಿತ್ರಕ್ಕೆ ಪುಷ್ಪಾರ್ಚನೆ ಮಾಡಿ ಪ್ರಸಾದ ವಿತರಣೆ ಮಾಡಲಾಯಿತು. ಈ ಸಂದರ್ಭದಲ್ಲಿ ಗ್ರಾಮದ ಹಿರಿಯರು, ಯುವಕರು ಹಾಗೂ ಭಕ್ತರು ಉಪಸ್ಥಿತರಿದ್ದರು.
ಪಿ.ವೀರೇಶ್, ಜಗನ್ನಾಥರೆಡ್ಡಿ, ಪ್ರಾಚಾರ್ಯರಾದ ನಾಗರಾಜ್, ನಿವೃತ್ತ ಶಿಕ್ಷಕರು ಹಾಗೂ ಗ್ರಾಮಸ್ಥರು ಭಾಗವಹಿಸಿದ್ದರು. ನಂತರ ಪ್ರಸಾದ ವಿತರಣೆ ನಡೆಯಿತು.
●●●●	●●●●	●●●●	●●●●
